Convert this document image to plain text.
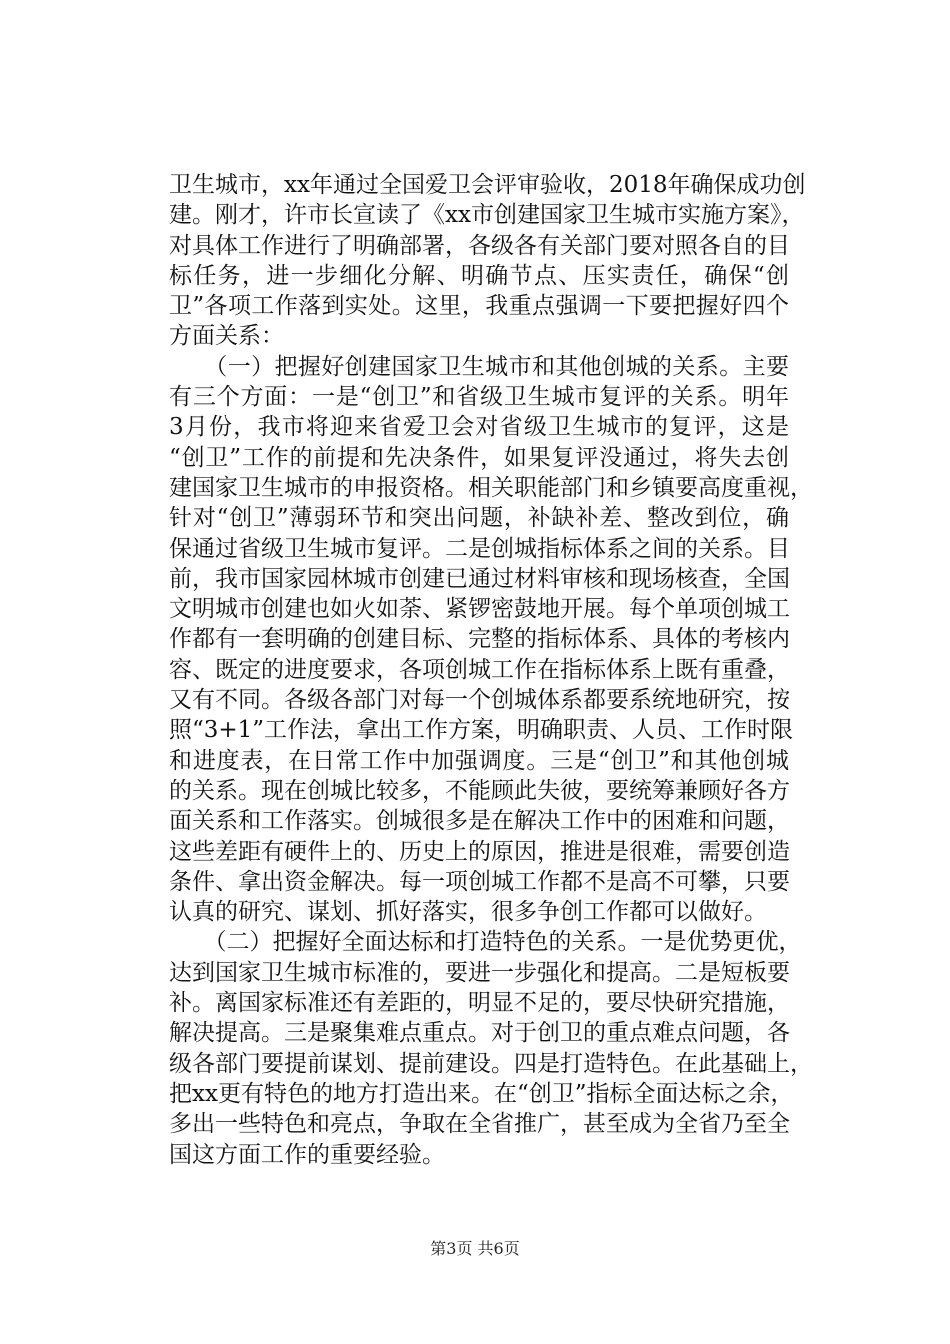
卫生城市，xx年通过全国爱卫会评审验收，2018年确保成功创
建。刚才，许市长宣读了《xx市创建国家卫生城市实施方案》，
对具体工作进行了明确部署，各级各有关部门要对照各自的目
标任务，进一步细化分解、明确节点、压实责任，确保“创
卫”各项工作落到实处。这里，我重点强调一下要把握好四个
方面关系：
　　（一）把握好创建国家卫生城市和其他创城的关系。主要
有三个方面：一是“创卫”和省级卫生城市复评的关系。明年
3月份，我市将迎来省爱卫会对省级卫生城市的复评，这是
“创卫”工作的前提和先决条件，如果复评没通过，将失去创
建国家卫生城市的申报资格。相关职能部门和乡镇要高度重视，
针对“创卫”薄弱环节和突出问题，补缺补差、整改到位，确
保通过省级卫生城市复评。二是创城指标体系之间的关系。目
前，我市国家园林城市创建已通过材料审核和现场核查，全国
文明城市创建也如火如荼、紧锣密鼓地开展。每个单项创城工
作都有一套明确的创建目标、完整的指标体系、具体的考核内
容、既定的进度要求，各项创城工作在指标体系上既有重叠，
又有不同。各级各部门对每一个创城体系都要系统地研究，按
照“3+1”工作法，拿出工作方案，明确职责、人员、工作时限
和进度表，在日常工作中加强调度。三是“创卫”和其他创城
的关系。现在创城比较多，不能顾此失彼，要统筹兼顾好各方
面关系和工作落实。创城很多是在解决工作中的困难和问题，
这些差距有硬件上的、历史上的原因，推进是很难，需要创造
条件、拿出资金解决。每一项创城工作都不是高不可攀，只要
认真的研究、谋划、抓好落实，很多争创工作都可以做好。
　　（二）把握好全面达标和打造特色的关系。一是优势更优，
达到国家卫生城市标准的，要进一步强化和提高。二是短板要
补。离国家标准还有差距的，明显不足的，要尽快研究措施，
解决提高。三是聚集难点重点。对于创卫的重点难点问题，各
级各部门要提前谋划、提前建设。四是打造特色。在此基础上，
把xx更有特色的地方打造出来。在“创卫”指标全面达标之余，
多出一些特色和亮点，争取在全省推广，甚至成为全省乃至全
国这方面工作的重要经验。
第3页 共6页
